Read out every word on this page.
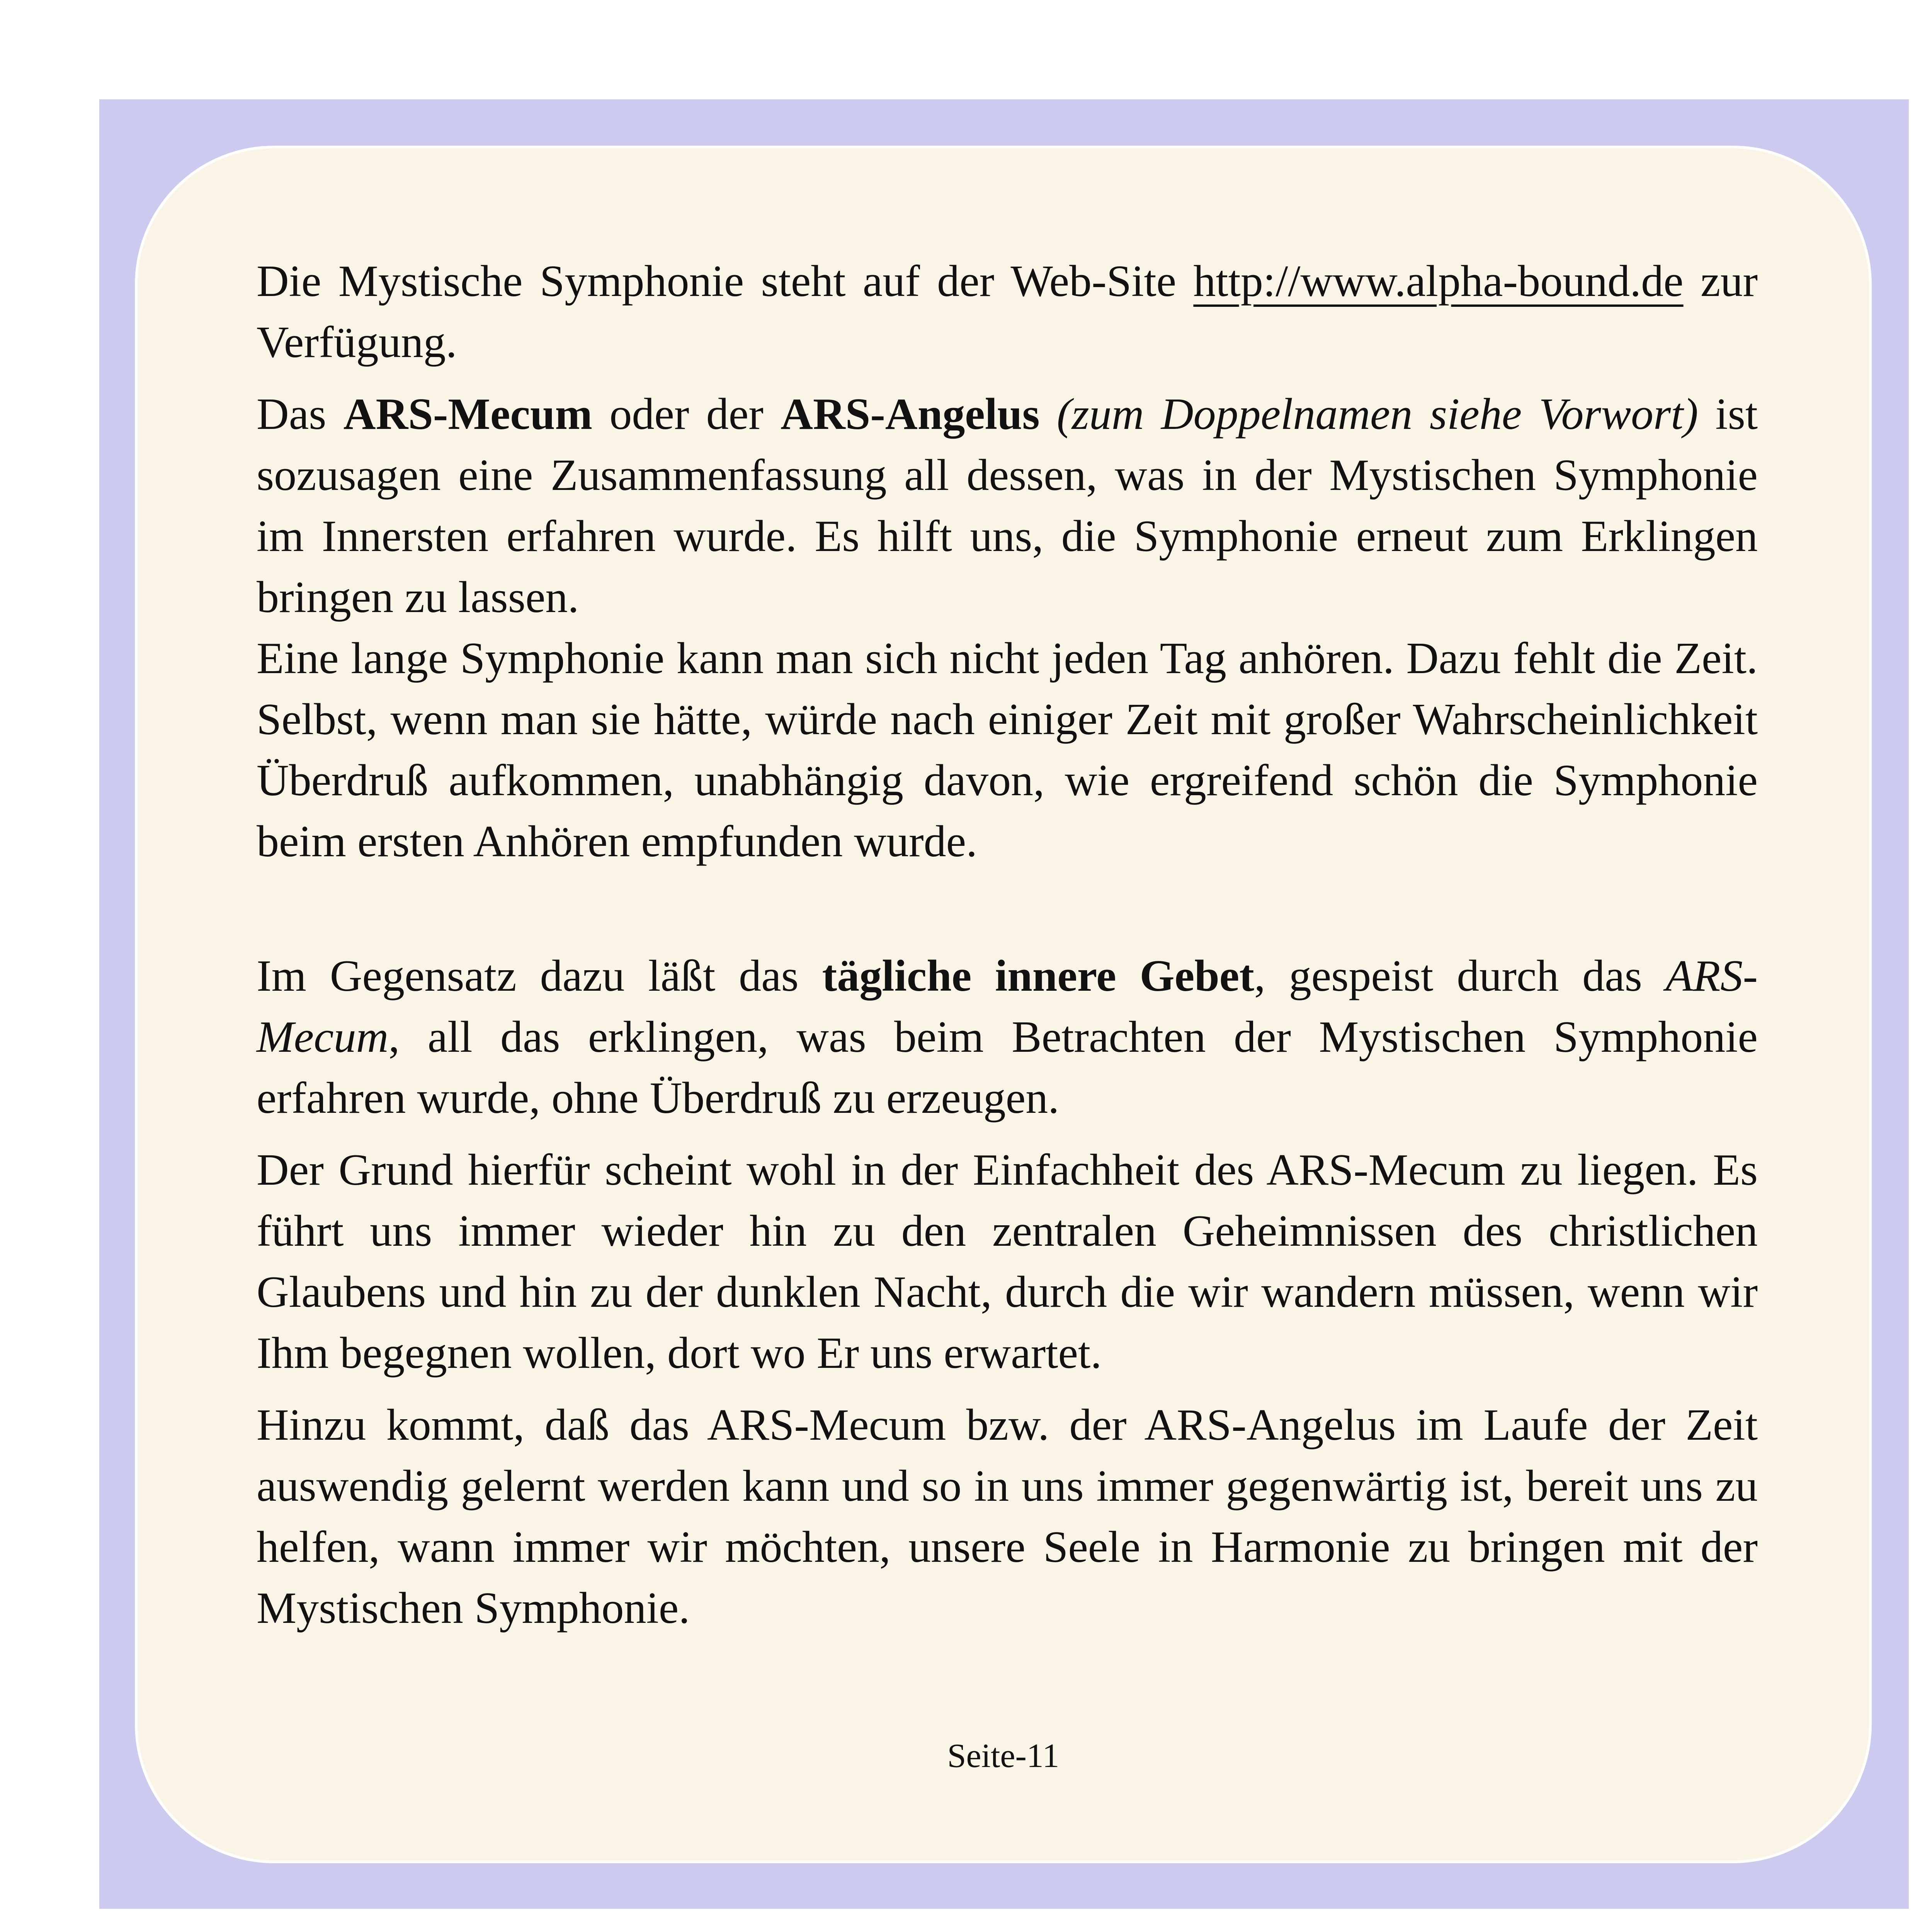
Die Mystische Symphonie steht auf der Web-Site http://www.alpha-bound.de zur Verfügung.

Das ARS-Mecum oder der ARS-Angelus (zum Doppelnamen siehe Vorwort) ist sozusagen eine Zusammenfassung all dessen, was in der Mystischen Symphonie im Innersten erfahren wurde. Es hilft uns, die Symphonie erneut zum Erklingen bringen zu lassen.

Eine lange Symphonie kann man sich nicht jeden Tag anhören. Dazu fehlt die Zeit. Selbst, wenn man sie hätte, würde nach einiger Zeit mit großer Wahrscheinlichkeit Überdruß aufkommen, unabhängig davon, wie ergreifend schön die Symphonie beim ersten Anhören empfunden wurde.

Im Gegensatz dazu läßt das tägliche innere Gebet, gespeist durch das ARS-Mecum, all das erklingen, was beim Betrachten der Mystischen Symphonie erfahren wurde, ohne Überdruß zu erzeugen.

Der Grund hierfür scheint wohl in der Einfachheit des ARS-Mecum zu liegen. Es führt uns immer wieder hin zu den zentralen Geheimnissen des christlichen Glaubens und hin zu der dunklen Nacht, durch die wir wandern müssen, wenn wir Ihm begegnen wollen, dort wo Er uns erwartet.

Hinzu kommt, daß das ARS-Mecum bzw. der ARS-Angelus im Laufe der Zeit auswendig gelernt werden kann und so in uns immer gegenwärtig ist, bereit uns zu helfen, wann immer wir möchten, unsere Seele in Harmonie zu bringen mit der Mystischen Symphonie.

Seite-11
